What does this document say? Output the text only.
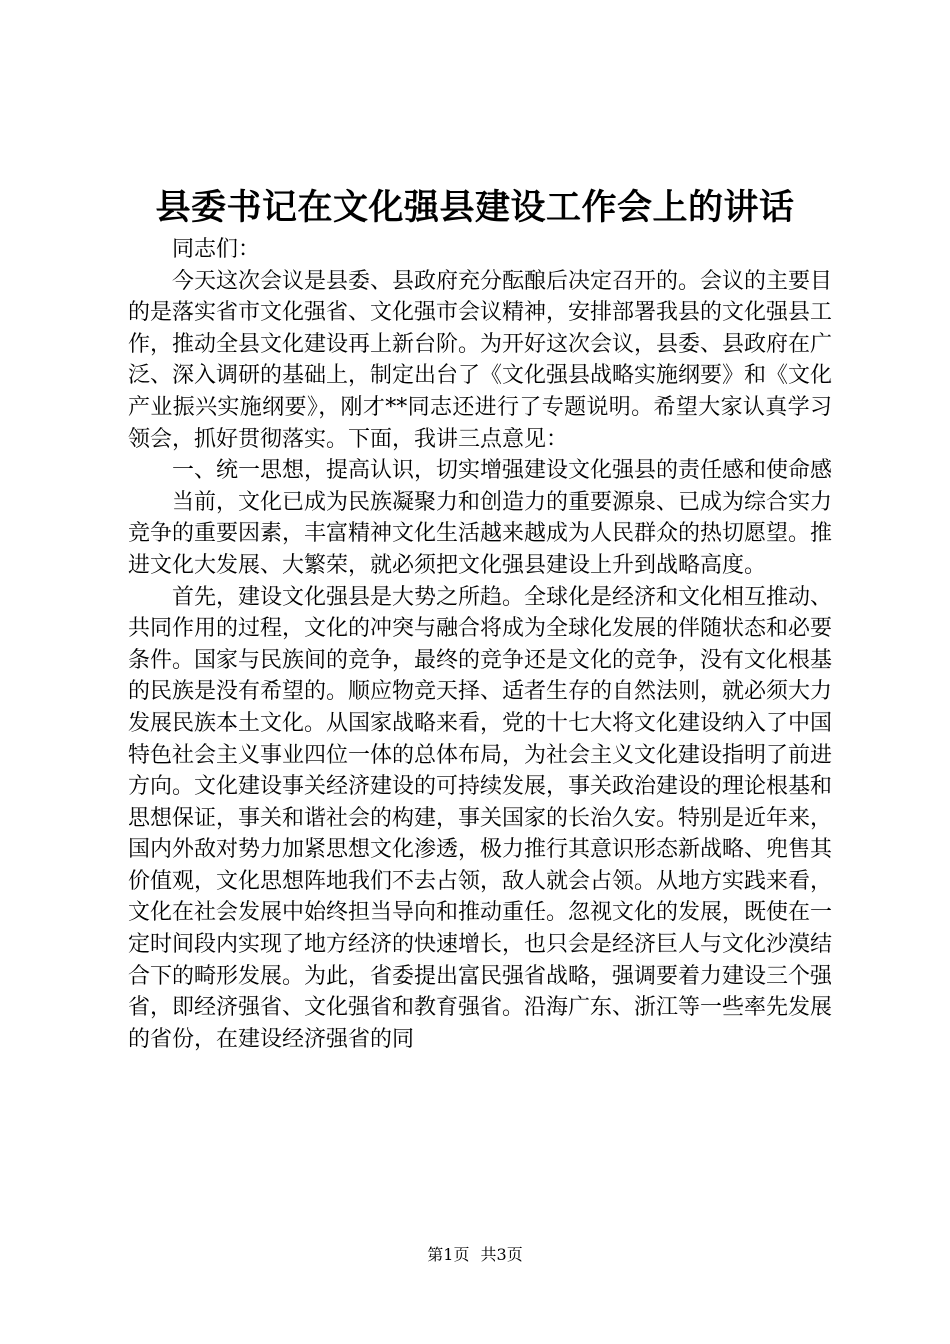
县委书记在文化强县建设工作会上的讲话

同志们：

今天这次会议是县委、县政府充分酝酿后决定召开的。会议的主要目的是落实省市文化强省、文化强市会议精神，安排部署我县的文化强县工作，推动全县文化建设再上新台阶。为开好这次会议，县委、县政府在广泛、深入调研的基础上，制定出台了《文化强县战略实施纲要》和《文化产业振兴实施纲要》，刚才**同志还进行了专题说明。希望大家认真学习领会，抓好贯彻落实。下面，我讲三点意见：

一、统一思想，提高认识，切实增强建设文化强县的责任感和使命感

当前，文化已成为民族凝聚力和创造力的重要源泉、已成为综合实力竞争的重要因素，丰富精神文化生活越来越成为人民群众的热切愿望。推进文化大发展、大繁荣，就必须把文化强县建设上升到战略高度。

首先，建设文化强县是大势之所趋。全球化是经济和文化相互推动、共同作用的过程，文化的冲突与融合将成为全球化发展的伴随状态和必要条件。国家与民族间的竞争，最终的竞争还是文化的竞争，没有文化根基的民族是没有希望的。顺应物竞天择、适者生存的自然法则，就必须大力发展民族本土文化。从国家战略来看，党的十七大将文化建设纳入了中国特色社会主义事业四位一体的总体布局，为社会主义文化建设指明了前进方向。文化建设事关经济建设的可持续发展，事关政治建设的理论根基和思想保证，事关和谐社会的构建，事关国家的长治久安。特别是近年来，国内外敌对势力加紧思想文化渗透，极力推行其意识形态新战略、兜售其价值观，文化思想阵地我们不去占领，敌人就会占领。从地方实践来看，文化在社会发展中始终担当导向和推动重任。忽视文化的发展，既使在一定时间段内实现了地方经济的快速增长，也只会是经济巨人与文化沙漠结合下的畸形发展。为此，省委提出富民强省战略，强调要着力建设三个强省，即经济强省、文化强省和教育强省。沿海广东、浙江等一些率先发展的省份，在建设经济强省的同

第1页 共3页
